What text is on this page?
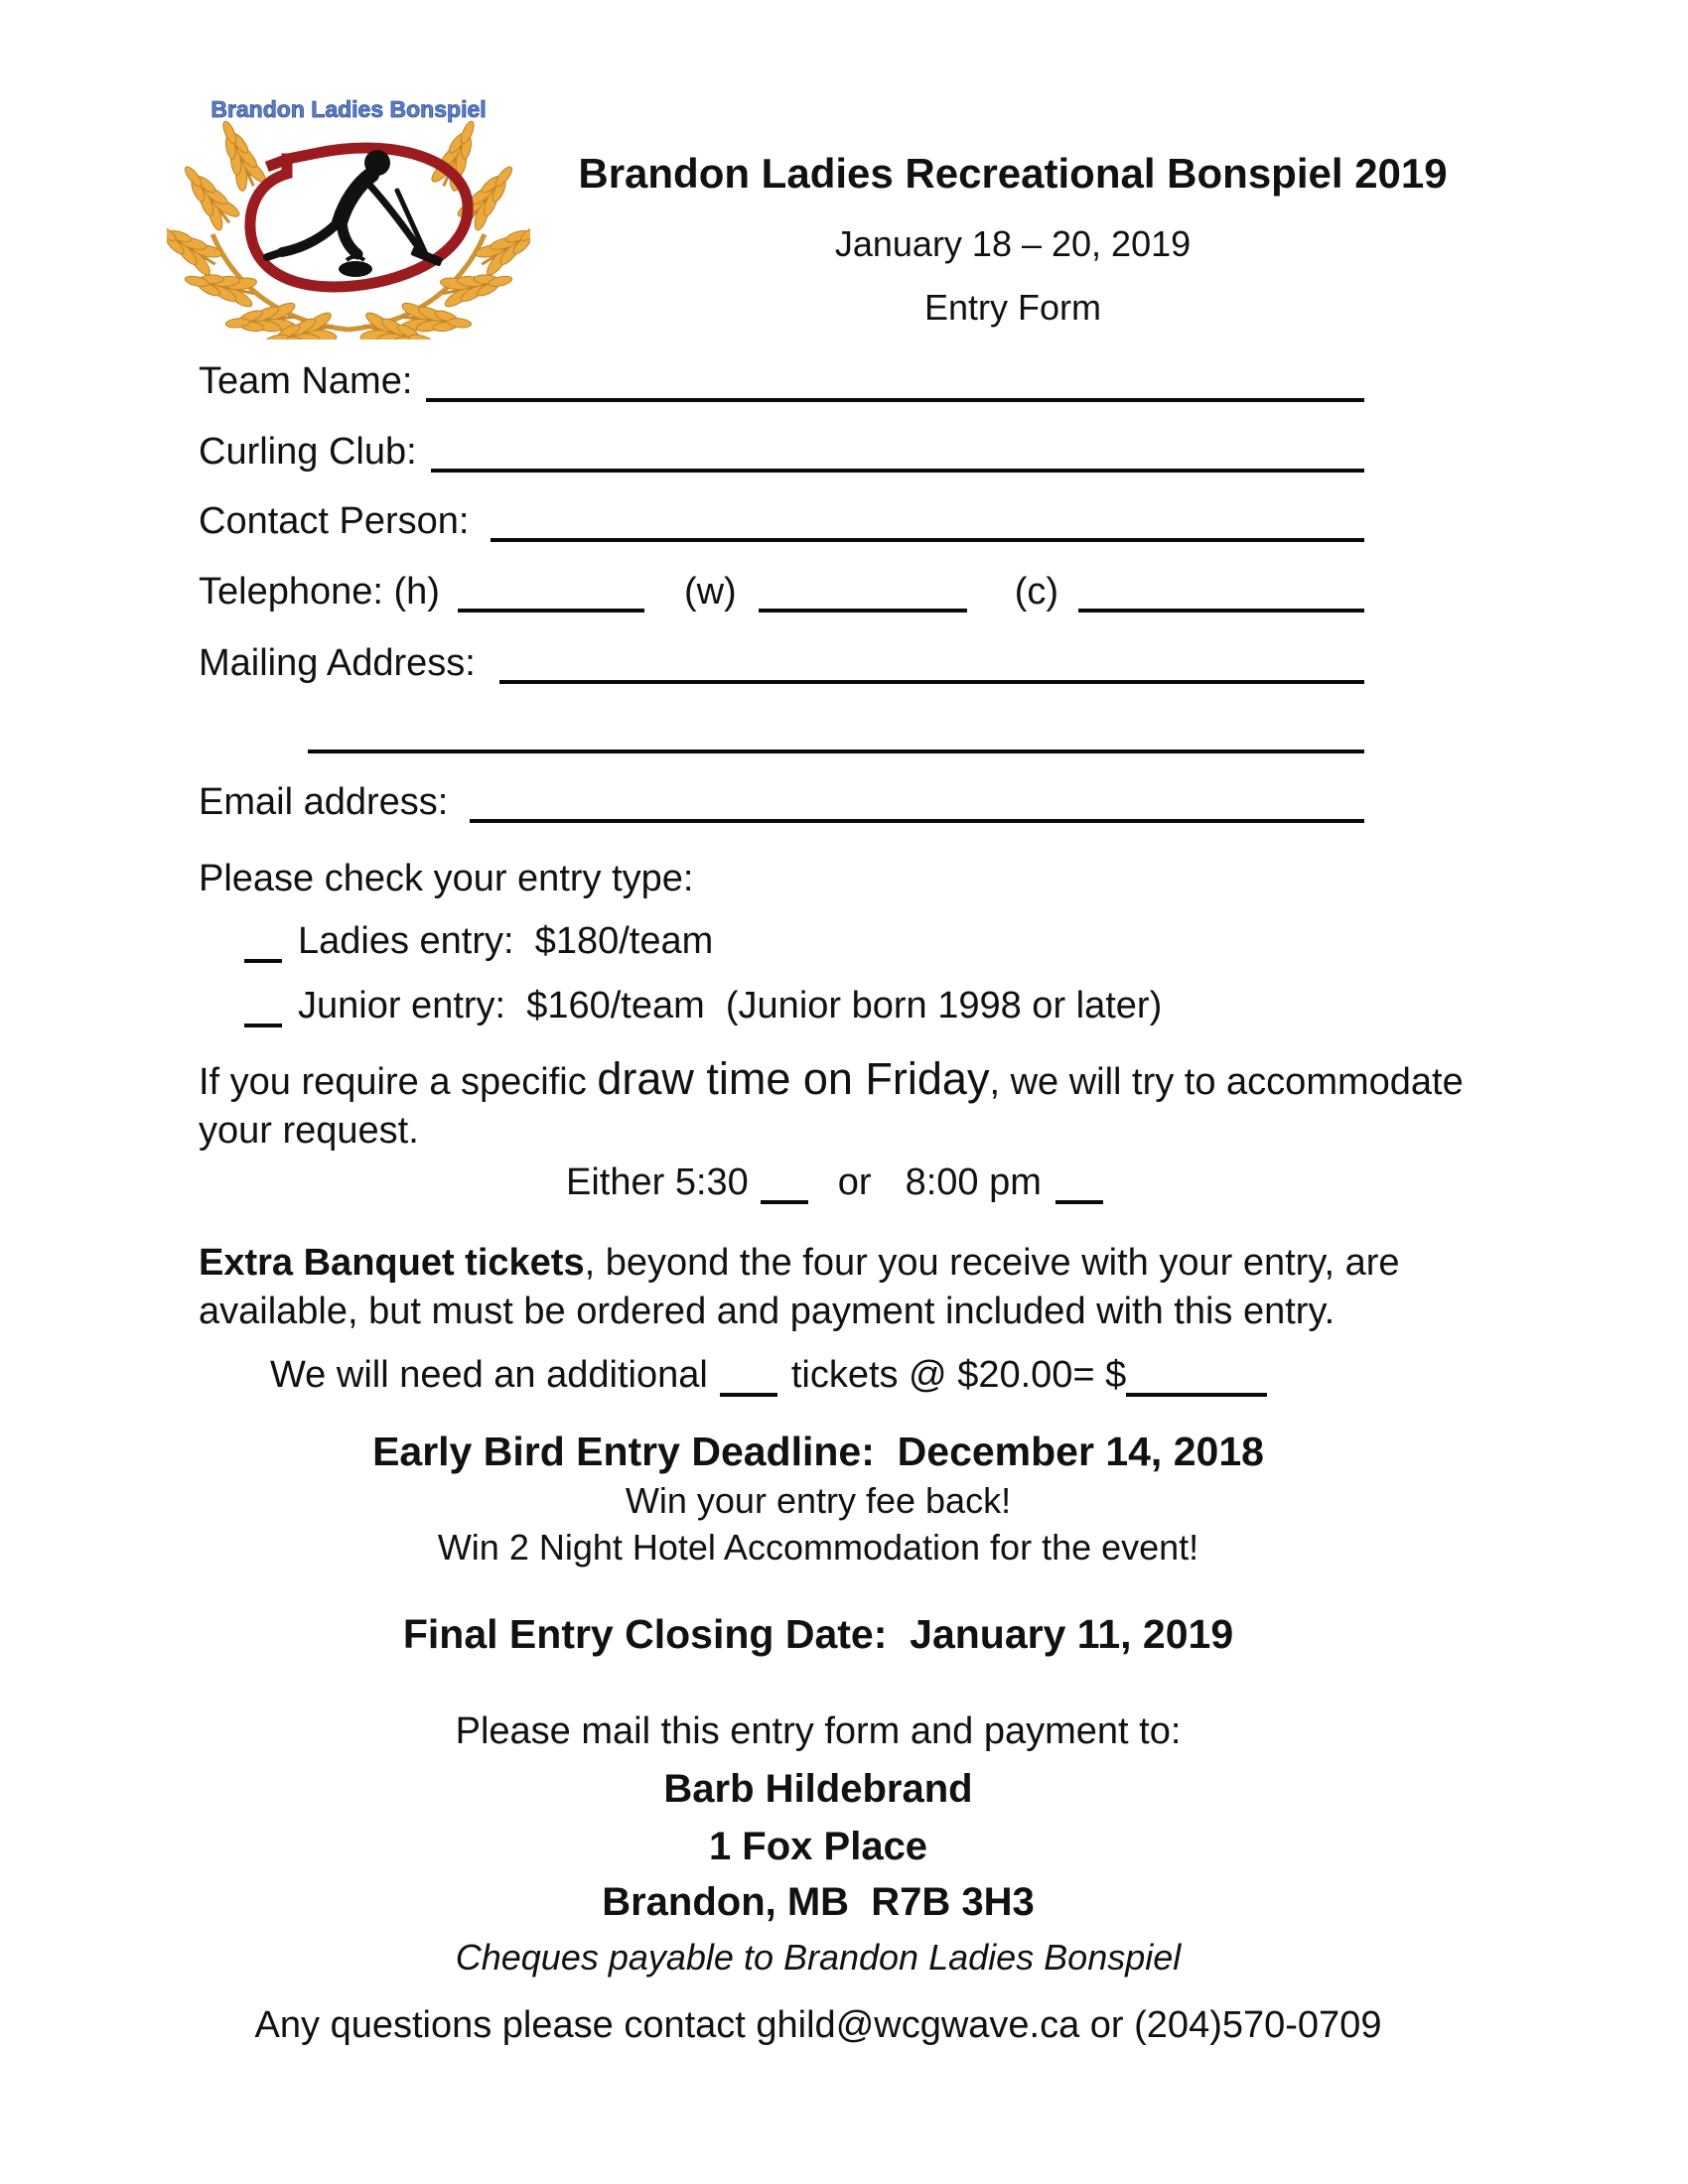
Brandon Ladies Bonspiel
Brandon Ladies Recreational Bonspiel 2019
January 18 – 20, 2019
Entry Form
Team Name:
Curling Club:
Contact Person:
Telephone: (h)	(w)	(c)
Mailing Address:
Email address:
Please check your entry type:
Ladies entry:  $180/team
Junior entry:  $160/team  (Junior born 1998 or later)
If you require a specific draw time on Friday, we will try to accommodate your request.
Either 5:30 or 8:00 pm
Extra Banquet tickets, beyond the four you receive with your entry, are available, but must be ordered and payment included with this entry.
We will need an additional tickets @ $20.00= $
Early Bird Entry Deadline:  December 14, 2018
Win your entry fee back!
Win 2 Night Hotel Accommodation for the event!
Final Entry Closing Date:  January 11, 2019
Please mail this entry form and payment to:
Barb Hildebrand
1 Fox Place
Brandon, MB  R7B 3H3
Cheques payable to Brandon Ladies Bonspiel
Any questions please contact ghild@wcgwave.ca or (204)570-0709
